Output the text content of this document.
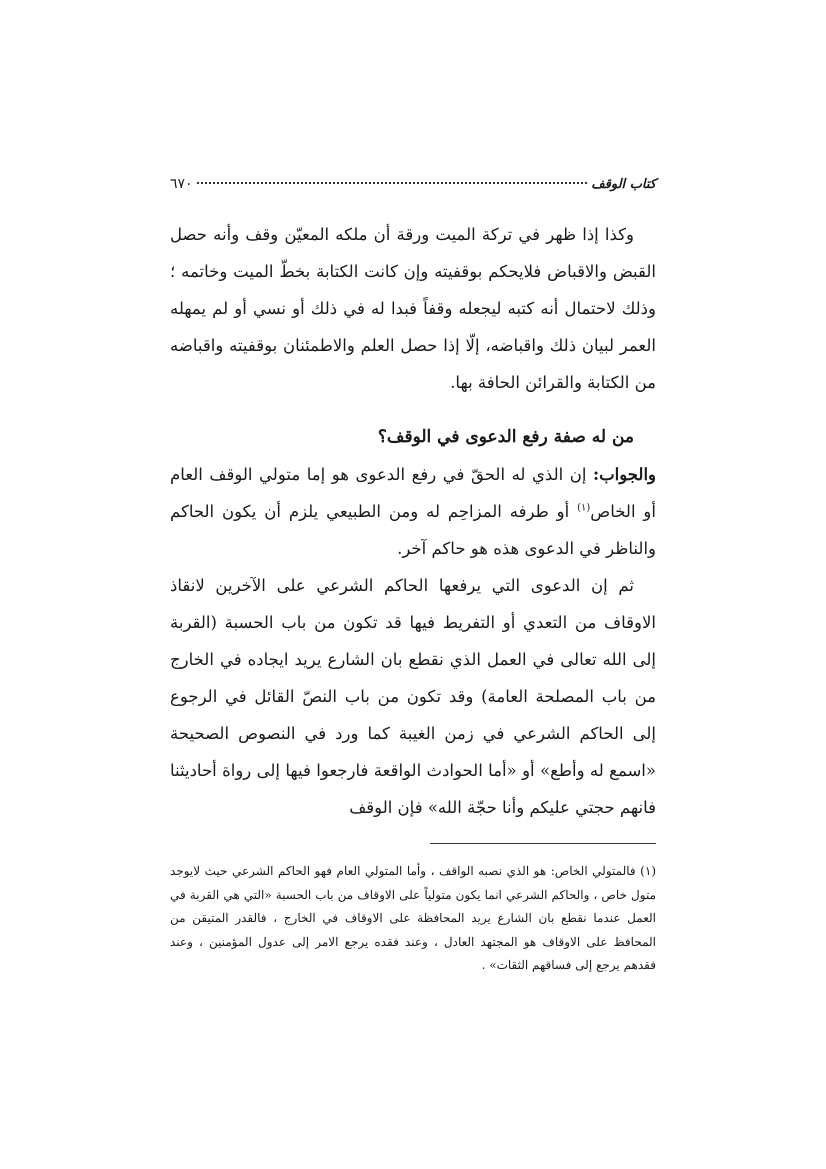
كتاب الوقف
٦٧٠

وكذا إذا ظهر في تركة الميت ورقة أن ملكه المعيّن وقف وأنه حصل القبض والاقباض فلايحكم بوقفيته وإن كانت الكتابة بخطّ الميت وخاتمه ؛ وذلك لاحتمال أنه كتبه ليجعله وقفاً فبدا له في ذلك أو نسي أو لم يمهله العمر لبيان ذلك واقباضه، إلّا إذا حصل العلم والاطمئنان بوقفيته واقباضه من الكتابة والقرائن الحافة بها.

من له صفة رفع الدعوى في الوقف؟

والجواب: إن الذي له الحقّ في رفع الدعوى هو إما متولي الوقف العام أو الخاص$^{(١)}$ أو طرفه المزاحِم له ومن الطبيعي يلزم أن يكون الحاكم والناظر في الدعوى هذه هو حاكم آخر.

ثم إن الدعوى التي يرفعها الحاكم الشرعي على الآخرين لانقاذ الاوقاف من التعدي أو التفريط فيها قد تكون من باب الحسبة (القربة إلى الله تعالى في العمل الذي نقطع بان الشارع يريد ايجاده في الخارج من باب المصلحة العامة) وقد تكون من باب النصّ القائل في الرجوع إلى الحاكم الشرعي في زمن الغيبة كما ورد في النصوص الصحيحة «اسمع له وأطع» أو «أما الحوادث الواقعة فارجعوا فيها إلى رواة أحاديثنا فانهم حجتي عليكم وأنا حجّة الله» فإن الوقف

(١) فالمتولي الخاص: هو الذي نصبه الواقف ، وأما المتولي العام فهو الحاكم الشرعي حيث لايوجد متول خاص ، والحاكم الشرعي انما يكون متولياً على الاوقاف من باب الحسبة «التي هي القربة في العمل عندما نقطع بان الشارع يريد المحافظة على الاوقاف في الخارج ، فالقدر المتيقن من المحافظ على الاوقاف هو المجتهد العادل ، وعند فقده يرجع الامر إلى عدول المؤمنين ، وعند فقدهم يرجع إلى فساقهم الثقات» .
